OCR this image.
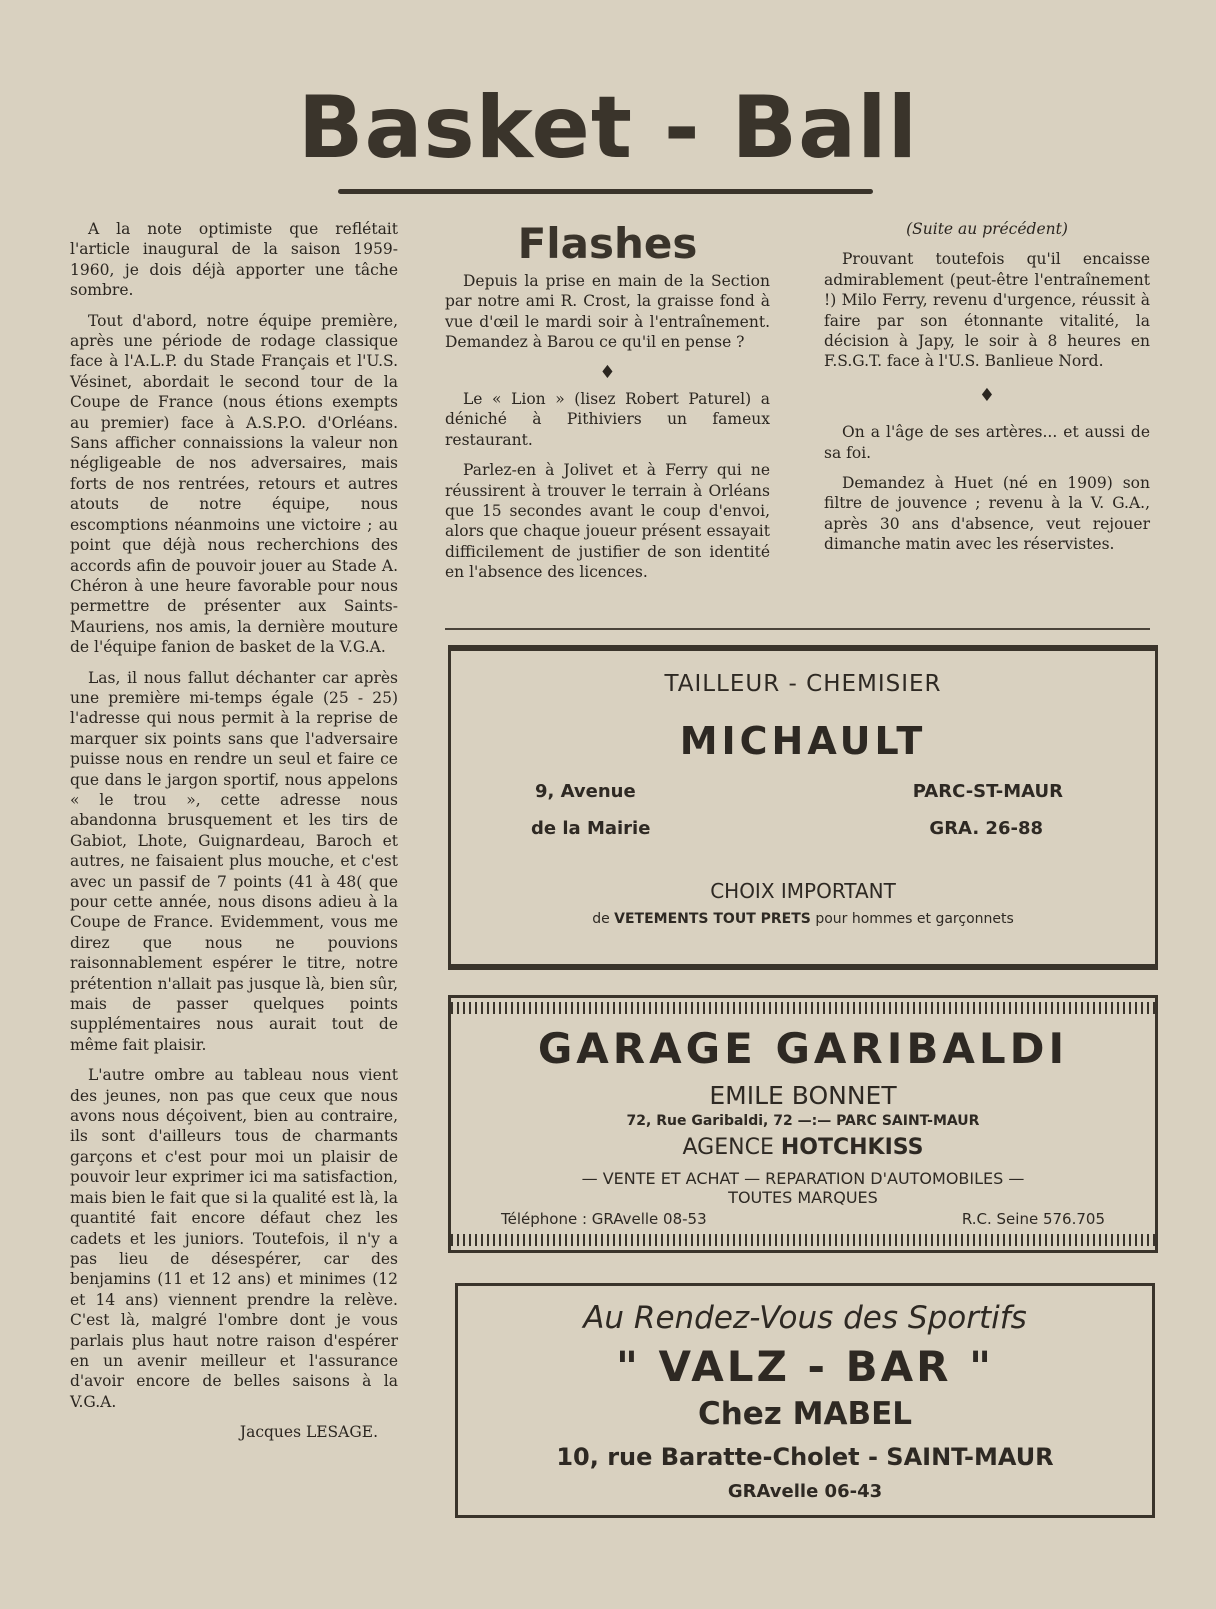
Basket - Ball

A la note optimiste que reflétait l'article inaugural de la saison 1959-1960, je dois déjà apporter une tâche sombre.

Tout d'abord, notre équipe première, après une période de rodage classique face à l'A.L.P. du Stade Français et l'U.S. Vésinet, abordait le second tour de la Coupe de France (nous étions exempts au premier) face à A.S.P.O. d'Orléans. Sans afficher connaissions la valeur non négligeable de nos adversaires, mais forts de nos rentrées, retours et autres atouts de notre équipe, nous escomptions néanmoins une victoire ; au point que déjà nous recherchions des accords afin de pouvoir jouer au Stade A. Chéron à une heure favorable pour nous permettre de présenter aux Saints-Mauriens, nos amis, la dernière mouture de l'équipe fanion de basket de la V.G.A.

Las, il nous fallut déchanter car après une première mi-temps égale (25 - 25) l'adresse qui nous permit à la reprise de marquer six points sans que l'adversaire puisse nous en rendre un seul et faire ce que dans le jargon sportif, nous appelons « le trou », cette adresse nous abandonna brusquement et les tirs de Gabiot, Lhote, Guignardeau, Baroch et autres, ne faisaient plus mouche, et c'est avec un passif de 7 points (41 à 48( que pour cette année, nous disons adieu à la Coupe de France. Evidemment, vous me direz que nous ne pouvions raisonnablement espérer le titre, notre prétention n'allait pas jusque là, bien sûr, mais de passer quelques points supplémentaires nous aurait tout de même fait plaisir.

L'autre ombre au tableau nous vient des jeunes, non pas que ceux que nous avons nous déçoivent, bien au contraire, ils sont d'ailleurs tous de charmants garçons et c'est pour moi un plaisir de pouvoir leur exprimer ici ma satisfaction, mais bien le fait que si la qualité est là, la quantité fait encore défaut chez les cadets et les juniors. Toutefois, il n'y a pas lieu de désespérer, car des benjamins (11 et 12 ans) et minimes (12 et 14 ans) viennent prendre la relève. C'est là, malgré l'ombre dont je vous parlais plus haut notre raison d'espérer en un avenir meilleur et l'assurance d'avoir encore de belles saisons à la V.G.A.

Jacques LESAGE.
Flashes

Depuis la prise en main de la Section par notre ami R. Crost, la graisse fond à vue d'œil le mardi soir à l'entraînement. Demandez à Barou ce qu'il en pense ?

♦

Le « Lion » (lisez Robert Paturel) a déniché à Pithiviers un fameux restaurant.

Parlez-en à Jolivet et à Ferry qui ne réussirent à trouver le terrain à Orléans que 15 secondes avant le coup d'envoi, alors que chaque joueur présent essayait difficilement de justifier de son identité en l'absence des licences.

(Suite au précédent)

Prouvant toutefois qu'il encaisse admirablement (peut-être l'entraînement !) Milo Ferry, revenu d'urgence, réussit à faire par son étonnante vitalité, la décision à Japy, le soir à 8 heures en F.S.G.T. face à l'U.S. Banlieue Nord.

♦

On a l'âge de ses artères... et aussi de sa foi.

Demandez à Huet (né en 1909) son filtre de jouvence ; revenu à la V. G.A., après 30 ans d'absence, veut rejouer dimanche matin avec les réservistes.

TAILLEUR - CHEMISIER
MICHAULT
9, Avenue
de la Mairie
PARC-ST-MAUR
GRA. 26-88
CHOIX IMPORTANT
de VETEMENTS TOUT PRETS pour hommes et garçonnets
GARAGE GARIBALDI
EMILE BONNET
72, Rue Garibaldi, 72 —:— PARC SAINT-MAUR
AGENCE HOTCHKISS
— VENTE ET ACHAT — REPARATION D'AUTOMOBILES —
TOUTES MARQUES
Téléphone : GRAvelle 08-53	R.C. Seine 576.705
Au Rendez-Vous des Sportifs
" VALZ - BAR "
Chez MABEL
10, rue Baratte-Cholet - SAINT-MAUR
GRAvelle 06-43
